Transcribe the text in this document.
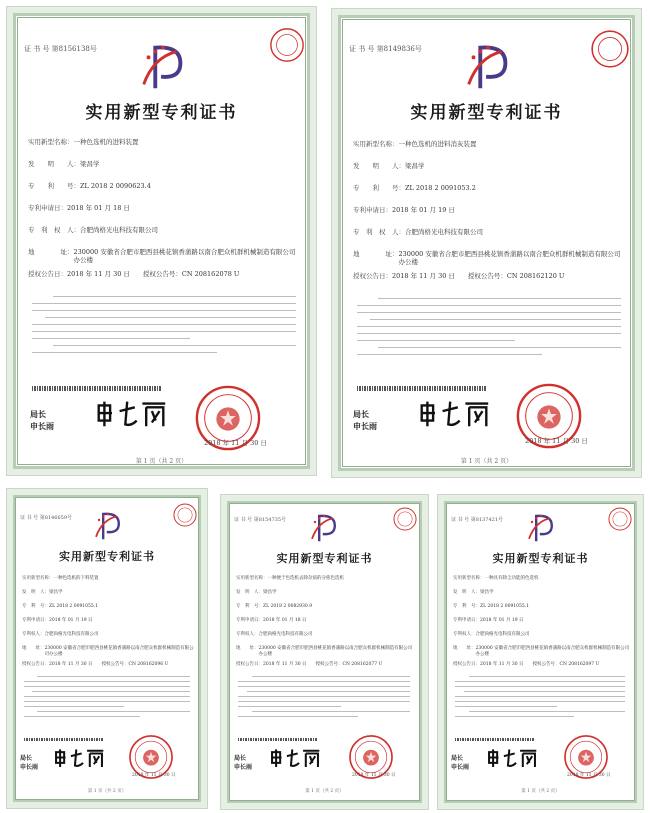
证 书 号 第8156138号
实用新型专利证书
实用新型名称： 一种色选机的进料装置
发　　明　　人： 梁昌学
专　　利　　号： ZL 2018 2 0090623.4
专利申请日： 2018 年 01 月 18 日
专　利　权　人： 合肥尚格光电科技有限公司
地　　　　址： 230000 安徽省合肥市肥西县桃花镇香蒲路以南合肥众机群机械制造有限公司办公楼
授权公告日： 2018 年 11 月 30 日　　授权公告号：CN 208162078 U
局长
申长雨
2018 年 11 月 30 日
第 1 页（共 2 页）
证 书 号 第8149836号
实用新型专利证书
实用新型名称： 一种色选机的进料消灰装置
发　　明　　人： 梁昌学
专　　利　　号： ZL 2018 2 0091053.2
专利申请日： 2018 年 01 月 19 日
专　利　权　人： 合肥尚格光电科技有限公司
地　　　　址： 230000 安徽省合肥市肥西县桃花镇香蒲路以南合肥众机群机械制造有限公司办公楼
授权公告日： 2018 年 11 月 30 日　　授权公告号：CN 208162120 U
局长
申长雨
2018 年 11 月 30 日
第 1 页（共 2 页）
证 书 号 第8146659号
实用新型专利证书
实用新型名称： 一种色选机的下料装置
发　明　人： 梁昌学
专　利　号： ZL 2018 2 0091055.1
专利申请日： 2018 年 01 月 19 日
专利权人： 合肥尚格光电科技有限公司
地　　址： 230000 安徽省合肥市肥西县桃花镇香蒲路以南合肥众机群机械制造有限公司办公楼
授权公告日： 2018 年 11 月 30 日　　授权公告号：CN 208162096 U
局长
申长雨
2018 年 11 月 30 日
第 1 页（共 2 页）
证 书 号 第8154735号
实用新型专利证书
实用新型名称： 一种便于色选机去除杂质的分拣色选机
发　明　人： 梁昌学
专　利　号： ZL 2018 2 0082930.9
专利申请日： 2018 年 01 月 18 日
专利权人： 合肥尚格光电科技有限公司
地　　址： 230000 安徽省合肥市肥西县桃花镇香蒲路以南合肥众机群机械制造有限公司办公楼
授权公告日： 2018 年 11 月 30 日　　授权公告号：CN 208162077 U
局长
申长雨
2018 年 11 月 30 日
第 1 页（共 2 页）
证 书 号 第8137421号
实用新型专利证书
实用新型名称： 一种具有除尘功能的色选机
发　明　人： 梁昌学
专　利　号： ZL 2018 2 0091055.1
专利申请日： 2018 年 01 月 19 日
专利权人： 合肥尚格光电科技有限公司
地　　址： 230000 安徽省合肥市肥西县桃花镇香蒲路以南合肥众机群机械制造有限公司办公楼
授权公告日： 2018 年 11 月 30 日　　授权公告号：CN 208162097 U
局长
申长雨
2018 年 11 月 30 日
第 1 页（共 2 页）
